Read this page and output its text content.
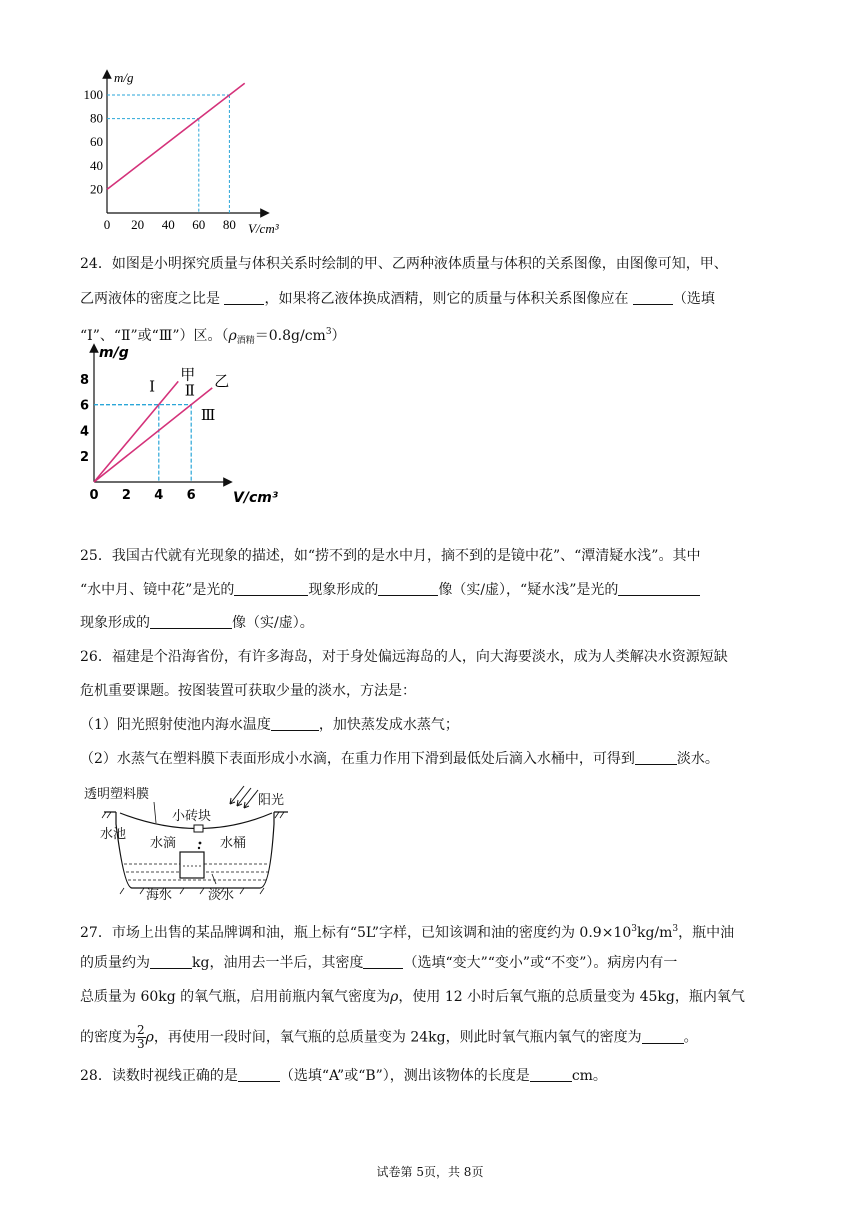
0 20 40 60 80
20
40
60
80
100
m/g
V/cm³
24．如图是小明探究质量与体积关系时绘制的甲、乙两种液体质量与体积的关系图像，由图像可知，甲、
乙两液体的密度之比是	，如果将乙液体换成酒精，则它的质量与体积关系图像应在	（选填
“Ⅰ”、“Ⅱ”或“Ⅲ”）区。$(\rho_{酒精}=0.8g/cm^3)$
0 2 4 6
2
4
6
8	甲 乙
Ⅰ Ⅱ
Ⅲ
m/g
V/cm³
25．我国古代就有光现象的描述，如“捞不到的是水中月，摘不到的是镜中花”、“潭清疑水浅”。其中
“水中月、镜中花”是光的	现象形成的	像（实/虚），“疑水浅”是光的
现象形成的	像（实/虚）。
26．福建是个沿海省份，有许多海岛，对于身处偏远海岛的人，向大海要淡水，成为人类解决水资源短缺
危机重要课题。按图装置可获取少量的淡水，方法是：
（1）阳光照射使池内海水温度	，加快蒸发成水蒸气；
（2）水蒸气在塑料膜下表面形成小水滴，在重力作用下滑到最低处后滴入水桶中，可得到	淡水。
透明塑料膜	阳光
小砖块
水池
水滴	水桶
海水	淡水
27．市场上出售的某品牌调和油，瓶上标有“5L”字样，已知该调和油的密度约为 $0.9\times 10^3kg/m^3$，瓶中油
的质量约为	kg，油用去一半后，其密度	（选填“变大”“变小”或“不变”）。病房内有一
总质量为 60kg 的氧气瓶，启用前瓶内氧气密度为ρ，使用 12 小时后氧气瓶的总质量变为 45kg，瓶内氧气
的密度为 $\frac{2}{3}$ ρ，再使用一段时间，氧气瓶的总质量变为 24kg，则此时氧气瓶内氧气的密度为	。
28．读数时视线正确的是	（选填“A”或“B”），测出该物体的长度是	cm。
试卷第 5页，共 8页
